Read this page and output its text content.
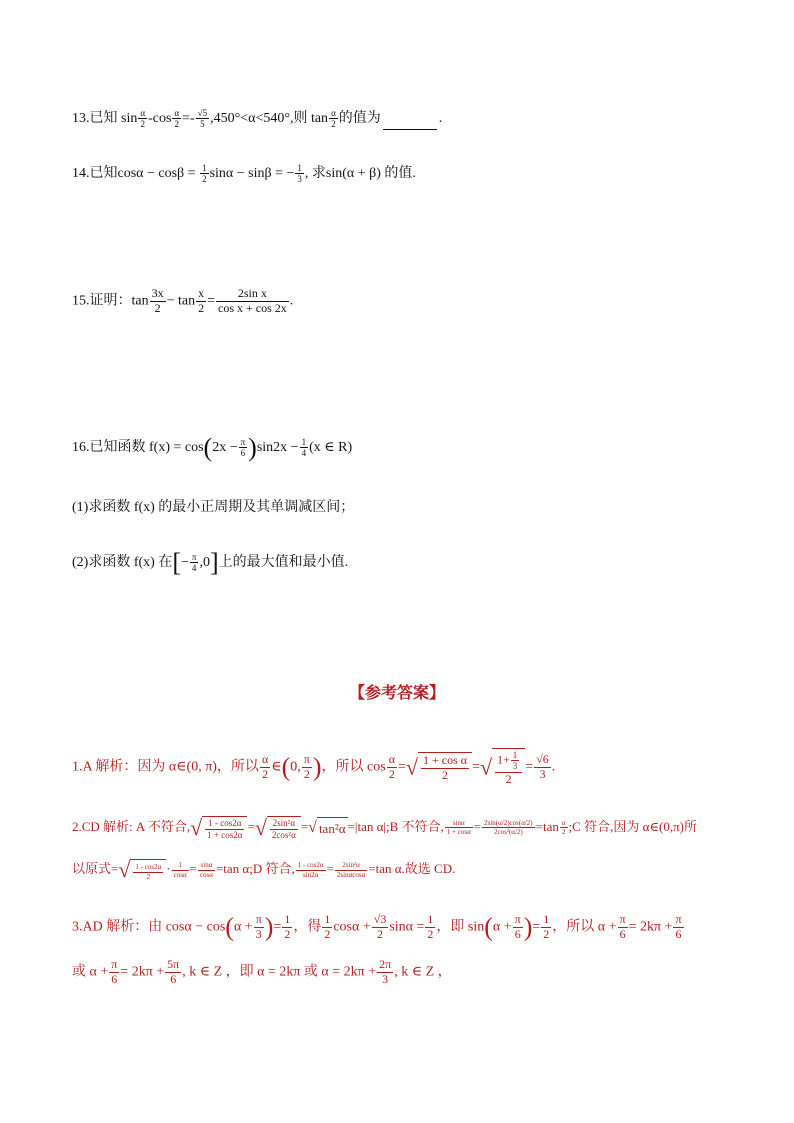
13.已知 $\sin \frac{\alpha}{2} -\cos \frac{\alpha}{2} =- \frac{√5}{5} ,450^\circ<\alpha<540^\circ$,则 $\tan \frac{\alpha}{2}$ 的值为	.
14.已知$\cos\alpha - \cos\beta = \frac{1}{2}$ sinα − sinβ = − $\frac{1}{3}$ , 求sin(α + β) 的值.
15.证明：$\tan \frac{3x}{2} - \tan \frac{x}{2} = \frac{\text{2sin x}}{\text{cos x + cos 2x}}$ .
16.已知函数 $f(x) = \cos(2x - \frac{\pi}{6} )\sin 2x - \frac{1}{4} (x$ ∈ R)
(1)求函数 f(x) 的最小正周期及其单调减区间；
(2)求函数 f(x) 在[− $\frac{\pi}{4} ,0$]上的最大值和最小值.
【参考答案】
1.A 解析：因为 α∈(0, π)，所以 $\frac{\alpha}{2}$ ∈(0, $\frac{\pi}{2}$ )，所以 $\cos \frac{\alpha}{2}$ =√ $\frac{\text{1 + cos α}}{2}$ =√ $\frac{1+ \frac{1}{3}}{2} = \frac{√6}{3}$ .
2.CD 解析: A 不符合,√ $\frac{1 - \cos 2\alpha}{1 + \cos 2\alpha}$ =√ $\frac{\text{2sin²α}}{\text{2cos²α}}$ =√ tan²α =|tan α|;B 不符合, $\frac{\sin\alpha}{1 + \cos\alpha} = \frac{2\sin(\alpha/2)\cos(\alpha/2)}{\text{2cos²(α/2)}} =\tan \frac{\alpha}{2}$ ;C 符合,因为 α∈(0,π)所
以原式=√ $\frac{1 - \cos 2\alpha}{2} \cdot \frac{1}{\cos\alpha} = \frac{\sin\alpha}{\cos\alpha} =\tan$ α;D 符合, $\frac{1 - \cos 2\alpha}{\sin 2\alpha} = \frac{\text{2sin²α}}{2\sin\alpha\cos\alpha} =\tan$ α.故选 CD.
3.AD 解析：由 $\cos\alpha - \cos(\alpha + \frac{\pi}{3}$ )= $\frac{1}{2}$ ，得 $\frac{1}{2}$ $\cos\alpha + \frac{√3}{2}$ $\sin\alpha = \frac{1}{2}$ ，即 $\sin(\alpha + \frac{\pi}{6}$ )= $\frac{1}{2}$ ，所以 $\alpha + \frac{\pi}{6} = 2k\pi + \frac{\pi}{6}$
或 $\alpha + \frac{\pi}{6} = 2k\pi + \frac{5\pi}{6}$ , k ∈ Z ，即 α = 2kπ 或 $\alpha = 2k\pi + \frac{2\pi}{3}$ , k ∈ Z ，
